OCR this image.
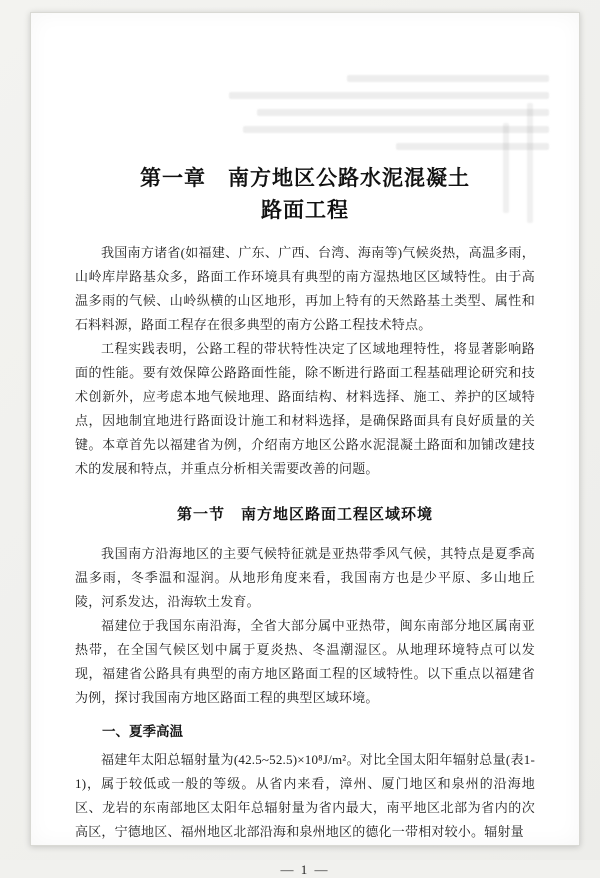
第一章　南方地区公路水泥混凝土
路面工程

我国南方诸省(如福建、广东、广西、台湾、海南等)气候炎热，高温多雨，山岭库岸路基众多，路面工作环境具有典型的南方湿热地区区域特性。由于高温多雨的气候、山岭纵横的山区地形，再加上特有的天然路基土类型、属性和石料料源，路面工程存在很多典型的南方公路工程技术特点。

工程实践表明，公路工程的带状特性决定了区域地理特性，将显著影响路面的性能。要有效保障公路路面性能，除不断进行路面工程基础理论研究和技术创新外，应考虑本地气候地理、路面结构、材料选择、施工、养护的区域特点，因地制宜地进行路面设计施工和材料选择，是确保路面具有良好质量的关键。本章首先以福建省为例，介绍南方地区公路水泥混凝土路面和加铺改建技术的发展和特点，并重点分析相关需要改善的问题。

第一节　南方地区路面工程区域环境

我国南方沿海地区的主要气候特征就是亚热带季风气候，其特点是夏季高温多雨，冬季温和湿润。从地形角度来看，我国南方也是少平原、多山地丘陵，河系发达，沿海软土发育。

福建位于我国东南沿海，全省大部分属中亚热带，闽东南部分地区属南亚热带，在全国气候区划中属于夏炎热、冬温潮湿区。从地理环境特点可以发现，福建省公路具有典型的南方地区路面工程的区域特性。以下重点以福建省为例，探讨我国南方地区路面工程的典型区域环境。

一、夏季高温

福建年太阳总辐射量为(42.5~52.5)×10⁸J/m²。对比全国太阳年辐射总量(表1-1)，属于较低或一般的等级。从省内来看，漳州、厦门地区和泉州的沿海地区、龙岩的东南部地区太阳年总辐射量为省内最大，南平地区北部为省内的次高区，宁德地区、福州地区北部沿海和泉州地区的德化一带相对较小。辐射量

— 1 —
